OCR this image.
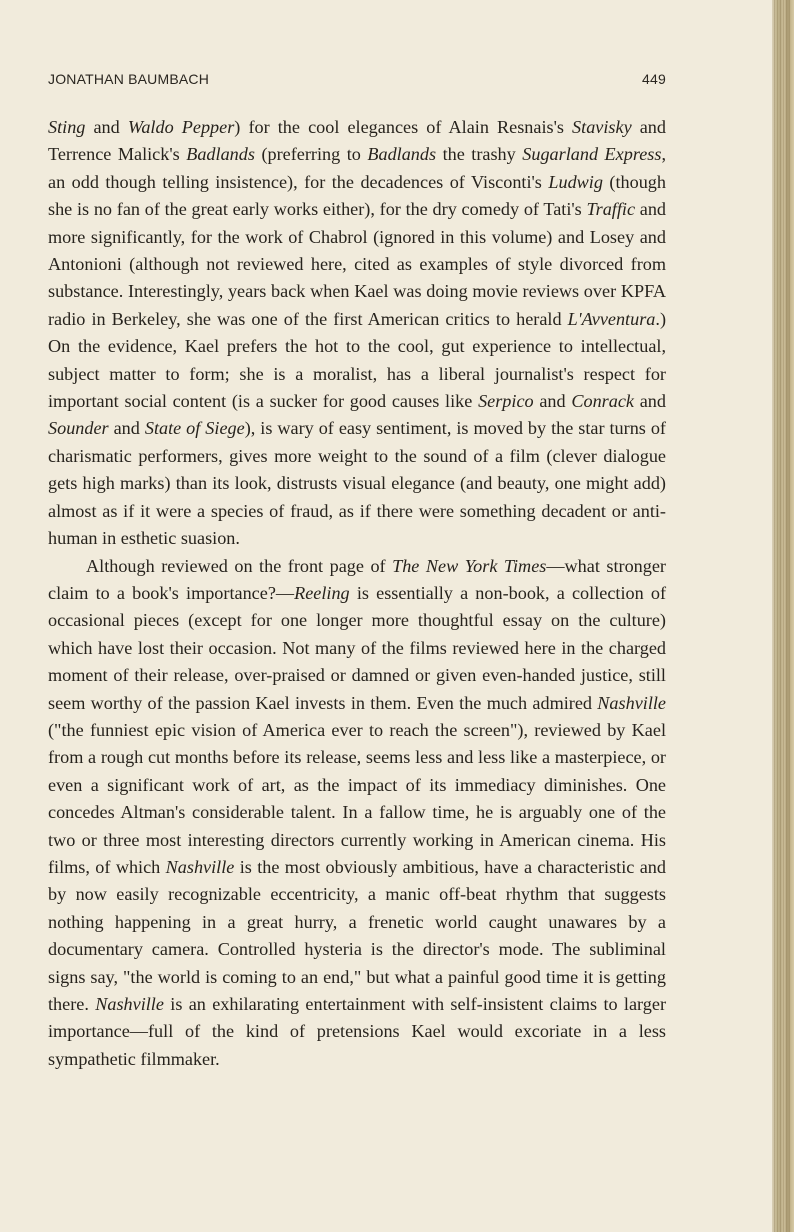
JONATHAN BAUMBACH	449

Sting and Waldo Pepper) for the cool elegances of Alain Resnais's Stavisky and Terrence Malick's Badlands (preferring to Badlands the trashy Sugarland Express, an odd though telling insistence), for the decadences of Visconti's Ludwig (though she is no fan of the great early works either), for the dry comedy of Tati's Traffic and more significantly, for the work of Chabrol (ignored in this volume) and Losey and Antonioni (although not reviewed here, cited as examples of style divorced from substance. Interestingly, years back when Kael was doing movie reviews over KPFA radio in Berkeley, she was one of the first American critics to herald L'Avventura.) On the evidence, Kael prefers the hot to the cool, gut experience to intellectual, subject matter to form; she is a moralist, has a liberal journalist's respect for important social content (is a sucker for good causes like Serpico and Conrack and Sounder and State of Siege), is wary of easy sentiment, is moved by the star turns of charismatic performers, gives more weight to the sound of a film (clever dialogue gets high marks) than its look, distrusts visual elegance (and beauty, one might add) almost as if it were a species of fraud, as if there were something decadent or anti-human in esthetic suasion.

Although reviewed on the front page of The New York Times—what stronger claim to a book's importance?—Reeling is essentially a non-book, a collection of occasional pieces (except for one longer more thoughtful essay on the culture) which have lost their occasion. Not many of the films reviewed here in the charged moment of their release, over-praised or damned or given even-handed justice, still seem worthy of the passion Kael invests in them. Even the much admired Nashville ("the funniest epic vision of America ever to reach the screen"), reviewed by Kael from a rough cut months before its release, seems less and less like a masterpiece, or even a significant work of art, as the impact of its immediacy diminishes. One concedes Altman's considerable talent. In a fallow time, he is arguably one of the two or three most interesting directors currently working in American cinema. His films, of which Nashville is the most obviously ambitious, have a characteristic and by now easily recognizable eccentricity, a manic off-beat rhythm that suggests nothing happening in a great hurry, a frenetic world caught unawares by a documentary camera. Controlled hysteria is the director's mode. The subliminal signs say, "the world is coming to an end," but what a painful good time it is getting there. Nashville is an exhilarating entertainment with self-insistent claims to larger importance—full of the kind of pretensions Kael would excoriate in a less sympathetic filmmaker.
